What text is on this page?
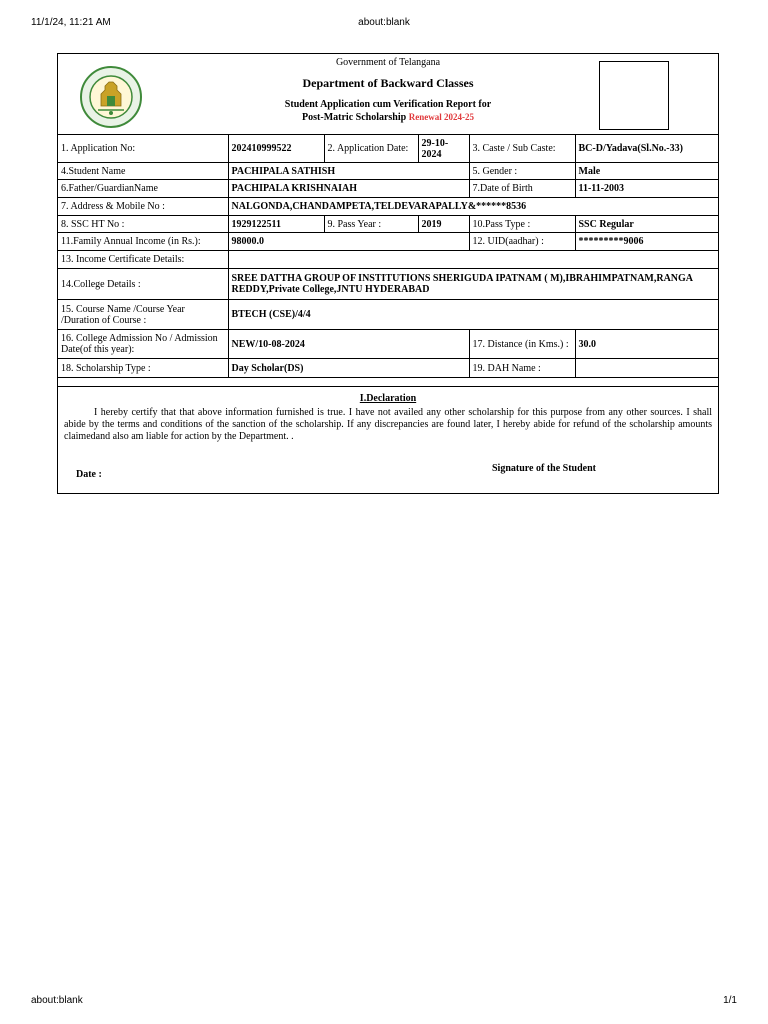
11/1/24, 11:21 AM	about:blank
Government of Telangana
Department of Backward Classes
Student Application cum Verification Report for
Post-Matric Scholarship Renewal 2024-25
1. Application No:	202410999522	2. Application Date:	29-10-2024	3. Caste / Sub Caste:	BC-D/Yadava(Sl.No.-33)
4.Student Name	PACHIPALA SATHISH			5. Gender :	Male
6.Father/GuardianName	PACHIPALA KRISHNAIAH			7.Date of Birth	11-11-2003
7. Address & Mobile No :	NALGONDA,CHANDAMPETA,TELDEVARAPALLY&******8536				
8. SSC HT No :	1929122511	9. Pass Year :	2019	10.Pass Type :	SSC Regular
11.Family Annual Income (in Rs.):	98000.0			12. UID(aadhar) :	*********9006
13. Income Certificate Details:					
14.College Details :	SREE DATTHA GROUP OF INSTITUTIONS SHERIGUDA IPATNAM ( M),IBRAHIMPATNAM,RANGA REDDY,Private College,JNTU HYDERABAD				
15. Course Name /Course Year /Duration of Course :	BTECH (CSE)/4/4				
16. College Admission No / Admission Date(of this year):	NEW/10-08-2024			17. Distance (in Kms.) :	30.0
18. Scholarship Type :	Day Scholar(DS)			19. DAH Name :	
I.Declaration
I hereby certify that that above information furnished is true. I have not availed any other scholarship for this purpose from any other sources. I shall abide by the terms and conditions of the sanction of the scholarship. If any discrepancies are found later, I hereby abide for refund of the scholarship amounts claimedand also am liable for action by the Department. .
Date :
Signature of the Student
about:blank	1/1
